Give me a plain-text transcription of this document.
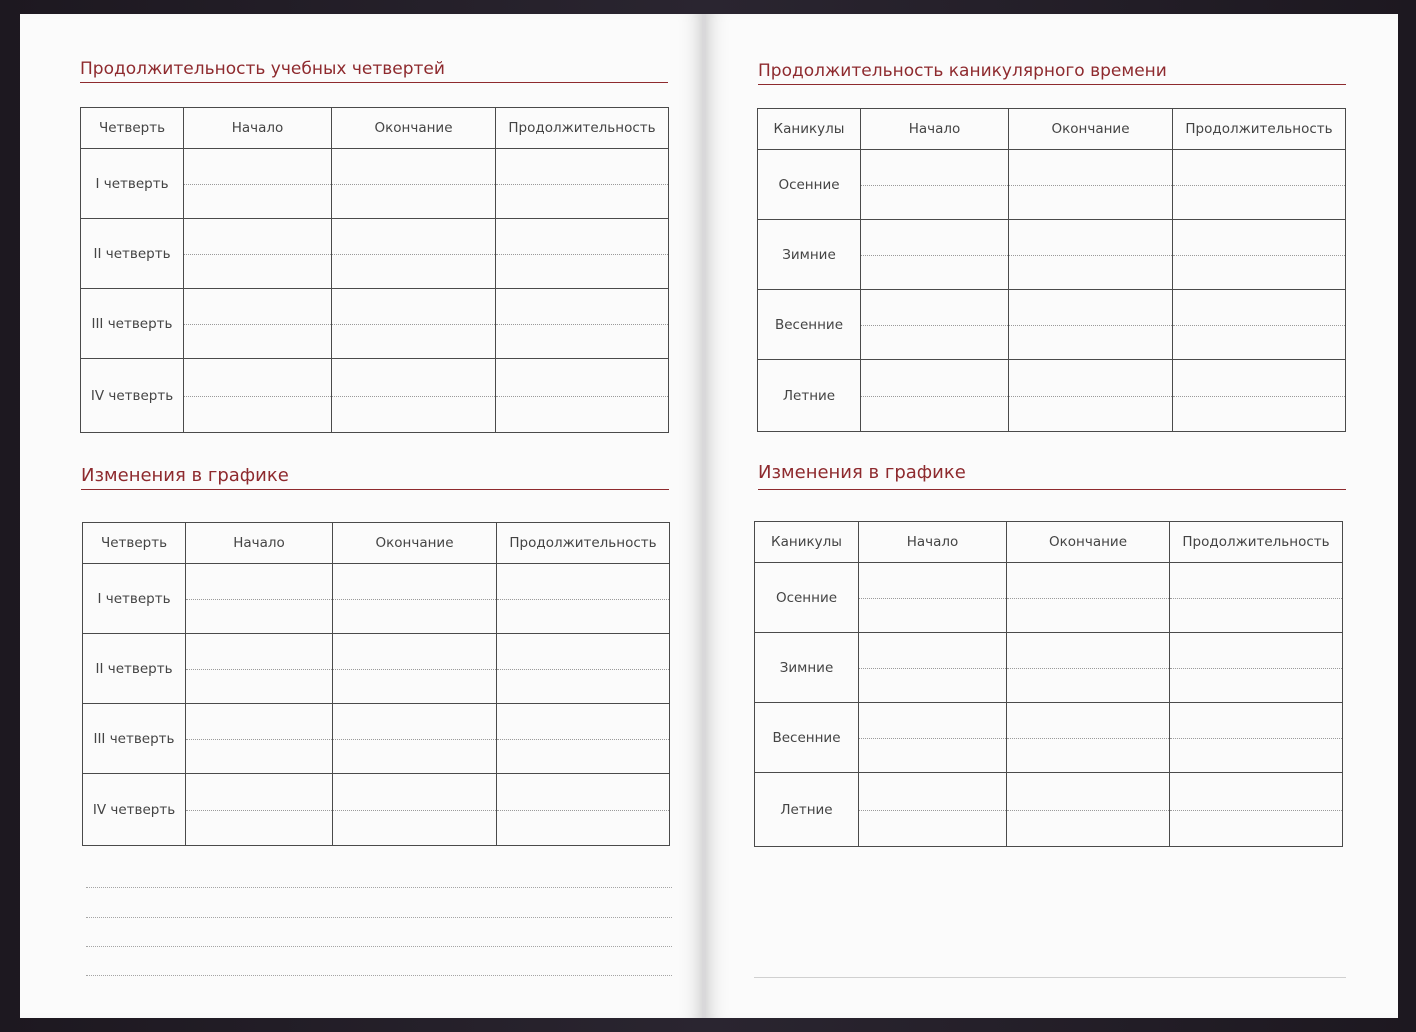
Продолжительность учебных четвертей
Четверть	Начало	Окончание	Продолжительность
I четверть			
II четверть			
III четверть			
IV четверть			
Изменения в графике
Четверть	Начало	Окончание	Продолжительность
I четверть			
II четверть			
III четверть			
IV четверть			
Продолжительность каникулярного времени
Каникулы	Начало	Окончание	Продолжительность
Осенние			
Зимние			
Весенние			
Летние			
Изменения в графике
Каникулы	Начало	Окончание	Продолжительность
Осенние			
Зимние			
Весенние			
Летние			
